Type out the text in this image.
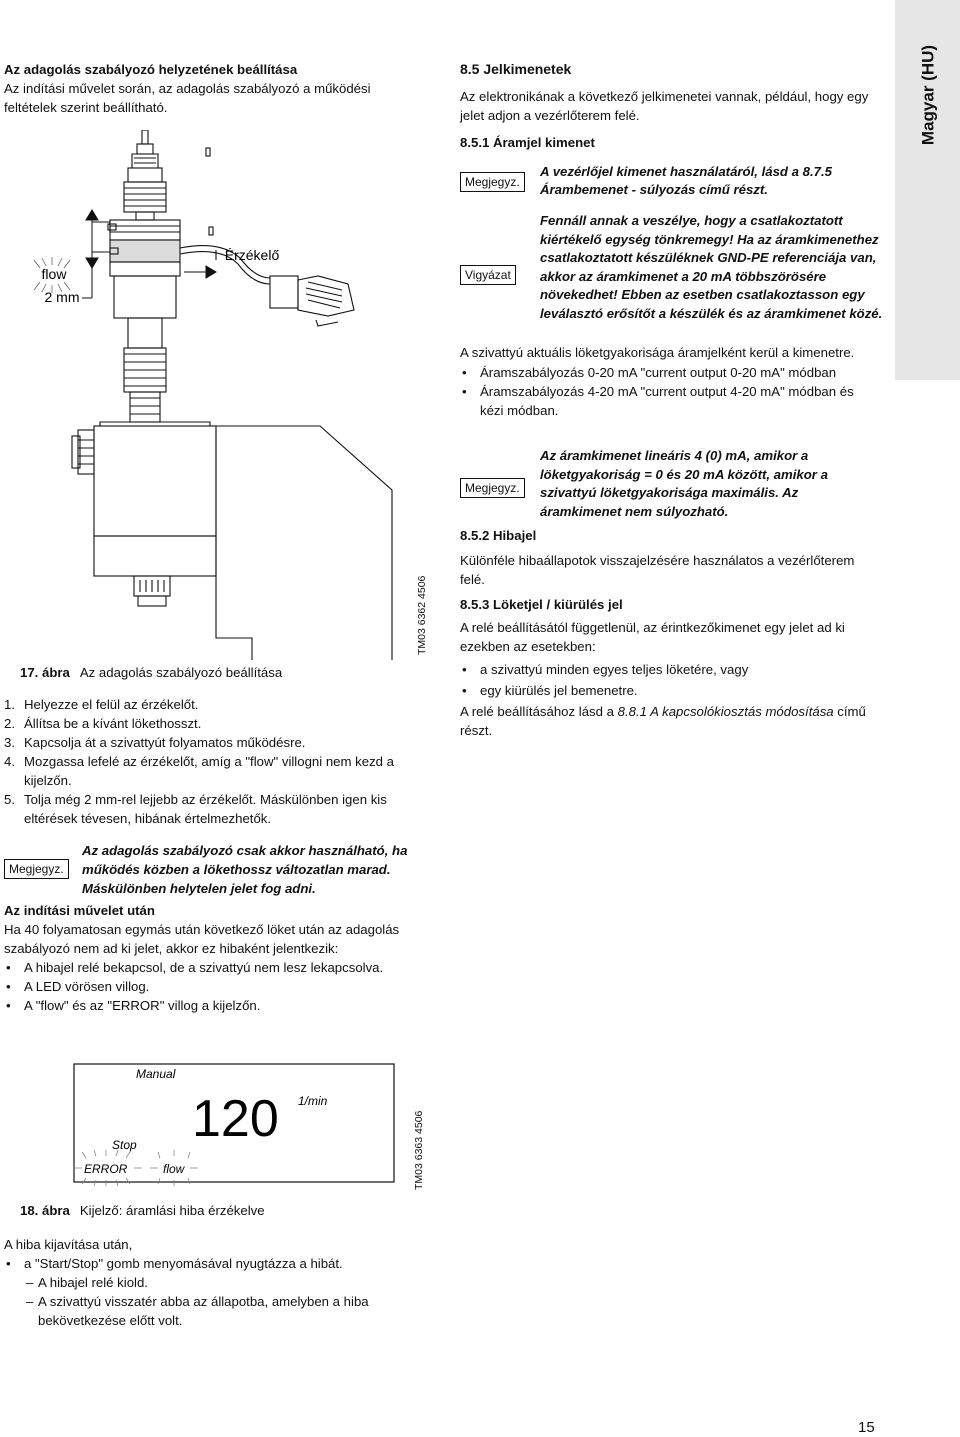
Magyar (HU)

Az adagolás szabályozó helyzetének beállítása

Az indítási művelet során, az adagolás szabályozó a működési feltételek szerint beállítható.

flow
2 mm
Érzékelő
TM03 6362 4506
17. ábra Az adagolás szabályozó beállítása
1. Helyezze el felül az érzékelőt.
2. Állítsa be a kívánt lökethosszt.
3. Kapcsolja át a szivattyút folyamatos működésre.
4. Mozgassa lefelé az érzékelőt, amíg a "flow" villogni nem kezd a kijelzőn.
5. Tolja még 2 mm-rel lejjebb az érzékelőt. Máskülönben igen kis eltérések tévesen, hibának értelmezhetők.
Megjegyz.
Az adagolás szabályozó csak akkor használható, ha működés közben a lökethossz változatlan marad. Máskülönben helytelen jelet fog adni.

Az indítási művelet után

Ha 40 folyamatosan egymás után következő löket után az adagolás szabályozó nem ad ki jelet, akkor ez hibaként jelentkezik:

• A hibajel relé bekapcsol, de a szivattyú nem lesz lekapcsolva.
• A LED vörösen villog.
• A "flow" és az "ERROR" villog a kijelzőn.
Manual
120 1/min
Stop
ERROR	flow	TM03 6363 4506
18. ábra Kijelző: áramlási hiba érzékelve

A hiba kijavítása után,

• a "Start/Stop" gomb menyomásával nyugtázza a hibát.
– A hibajel relé kiold.
– A szivattyú visszatér abba az állapotba, amelyben a hiba bekövetkezése előtt volt.

8.5 Jelkimenetek

Az elektronikának a következő jelkimenetei vannak, például, hogy egy jelet adjon a vezérlőterem felé.

8.5.1 Áramjel kimenet

Megjegyz.
A vezérlőjel kimenet használatáról, lásd a 8.7.5 Árambemenet - súlyozás című részt.
Vigyázat
Fennáll annak a veszélye, hogy a csatlakoztatott kiértékelő egység tönkremegy! Ha az áramkimenethez csatlakoztatott készüléknek GND-PE referenciája van, akkor az áramkimenet a 20 mA többszörösére növekedhet! Ebben az esetben csatlakoztasson egy leválasztó erősítőt a készülék és az áramkimenet közé.

A szivattyú aktuális löketgyakorisága áramjelként kerül a kimenetre.

• Áramszabályozás 0-20 mA "current output 0-20 mA" módban
• Áramszabályozás 4-20 mA "current output 4-20 mA" módban és kézi módban.
Megjegyz.
Az áramkimenet lineáris 4 (0) mA, amikor a löketgyakoriság = 0 és 20 mA között, amikor a szivattyú löketgyakorisága maximális. Az áramkimenet nem súlyozható.

8.5.2 Hibajel

Különféle hibaállapotok visszajelzésére használatos a vezérlőterem felé.

8.5.3 Löketjel / kiürülés jel

A relé beállításától függetlenül, az érintkezőkimenet egy jelet ad ki ezekben az esetekben:

• a szivattyú minden egyes teljes löketére, vagy
• egy kiürülés jel bemenetre.

A relé beállításához lásd a 8.8.1 A kapcsolókiosztás módosítása című részt.

15
